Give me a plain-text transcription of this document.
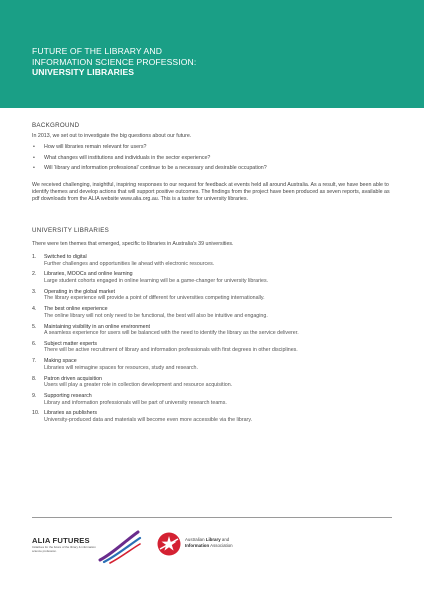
FUTURE OF THE LIBRARY AND
INFORMATION SCIENCE PROFESSION:
UNIVERSITY LIBRARIES
BACKGROUND
In 2013, we set out to investigate the big questions about our future.
• How will libraries remain relevant for users?
• What changes will institutions and individuals in the sector experience?
• Will ‘library and information professional’ continue to be a necessary and desirable occupation?
We received challenging, insightful, inspiring responses to our request for feedback at events held all around Australia. As a result, we have been able to identify themes and develop actions that will support positive outcomes. The findings from the project have been produced as seven reports, available as pdf downloads from the ALIA website www.alia.org.au. This is a taster for university libraries.
UNIVERSITY LIBRARIES
There were ten themes that emerged, specific to libraries in Australia's 39 universities.
1. Switched to digital
Further challenges and opportunities lie ahead with electronic resources.
2. Libraries, MOOCs and online learning
Large student cohorts engaged in online learning will be a game-changer for university libraries.
3. Operating in the global market
The library experience will provide a point of different for universities competing internationally.
4. The best online experience
The online library will not only need to be functional, the best will also be intuitive and engaging.
5. Maintaining visibility in an online environment
A seamless experience for users will be balanced with the need to identify the library as the service deliverer.
6. Subject matter experts
There will be active recruitment of library and information professionals with first degrees in other disciplines.
7. Making space
Libraries will reimagine spaces for resources, study and research.
8. Patron driven acquisition
Users will play a greater role in collection development and resource acquisition.
9. Supporting research
Library and information professionals will be part of university research teams.
10. Libraries as publishers
University-produced data and materials will become even more accessible via the library.
ALIA FUTURES
Initiatives for the future of the library & information science profession.
Australian Library and
Information Association
